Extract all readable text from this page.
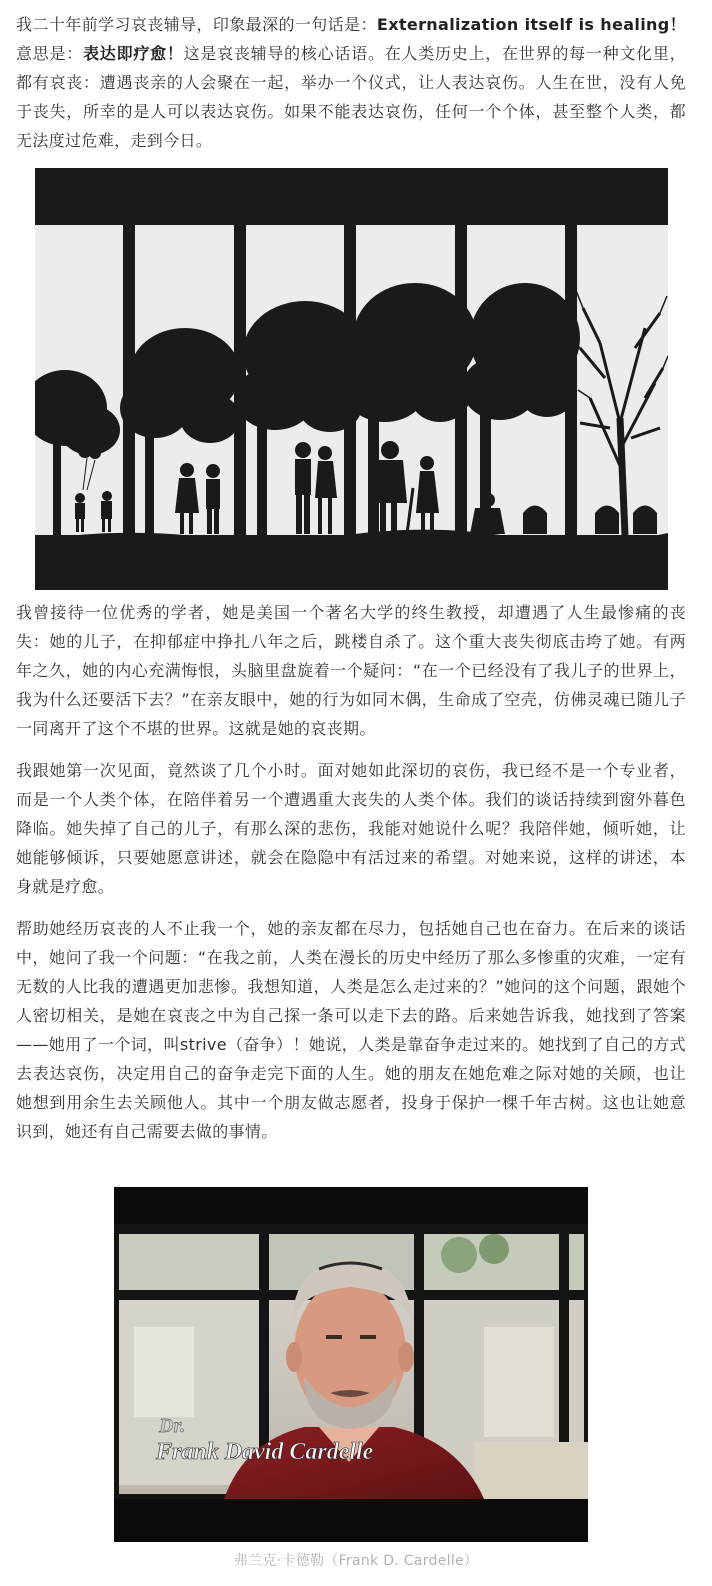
我二十年前学习哀丧辅导，印象最深的一句话是：Externalization itself is healing！意思是：表达即疗愈！这是哀丧辅导的核心话语。在人类历史上，在世界的每一种文化里，都有哀丧：遭遇丧亲的人会聚在一起，举办一个仪式，让人表达哀伤。人生在世，没有人免于丧失，所幸的是人可以表达哀伤。如果不能表达哀伤，任何一个个体，甚至整个人类，都无法度过危难，走到今日。

我曾接待一位优秀的学者，她是美国一个著名大学的终生教授，却遭遇了人生最惨痛的丧失：她的儿子，在抑郁症中挣扎八年之后，跳楼自杀了。这个重大丧失彻底击垮了她。有两年之久，她的内心充满悔恨，头脑里盘旋着一个疑问：“在一个已经没有了我儿子的世界上，我为什么还要活下去？”在亲友眼中，她的行为如同木偶，生命成了空壳，仿佛灵魂已随儿子一同离开了这个不堪的世界。这就是她的哀丧期。

我跟她第一次见面，竟然谈了几个小时。面对她如此深切的哀伤，我已经不是一个专业者，而是一个人类个体，在陪伴着另一个遭遇重大丧失的人类个体。我们的谈话持续到窗外暮色降临。她失掉了自己的儿子，有那么深的悲伤，我能对她说什么呢？我陪伴她，倾听她，让她能够倾诉，只要她愿意讲述，就会在隐隐中有活过来的希望。对她来说，这样的讲述，本身就是疗愈。

帮助她经历哀丧的人不止我一个，她的亲友都在尽力，包括她自己也在奋力。在后来的谈话中，她问了我一个问题：“在我之前，人类在漫长的历史中经历了那么多惨重的灾难，一定有无数的人比我的遭遇更加悲惨。我想知道，人类是怎么走过来的？”她问的这个问题，跟她个人密切相关，是她在哀丧之中为自己探一条可以走下去的路。后来她告诉我，她找到了答案——她用了一个词，叫strive（奋争）！她说，人类是靠奋争走过来的。她找到了自己的方式去表达哀伤，决定用自己的奋争走完下面的人生。她的朋友在她危难之际对她的关顾，也让她想到用余生去关顾他人。其中一个朋友做志愿者，投身于保护一棵千年古树。这也让她意识到，她还有自己需要去做的事情。

Dr.
Frank David Cardelle
弗兰克·卡德勒（Frank D. Cardelle）
